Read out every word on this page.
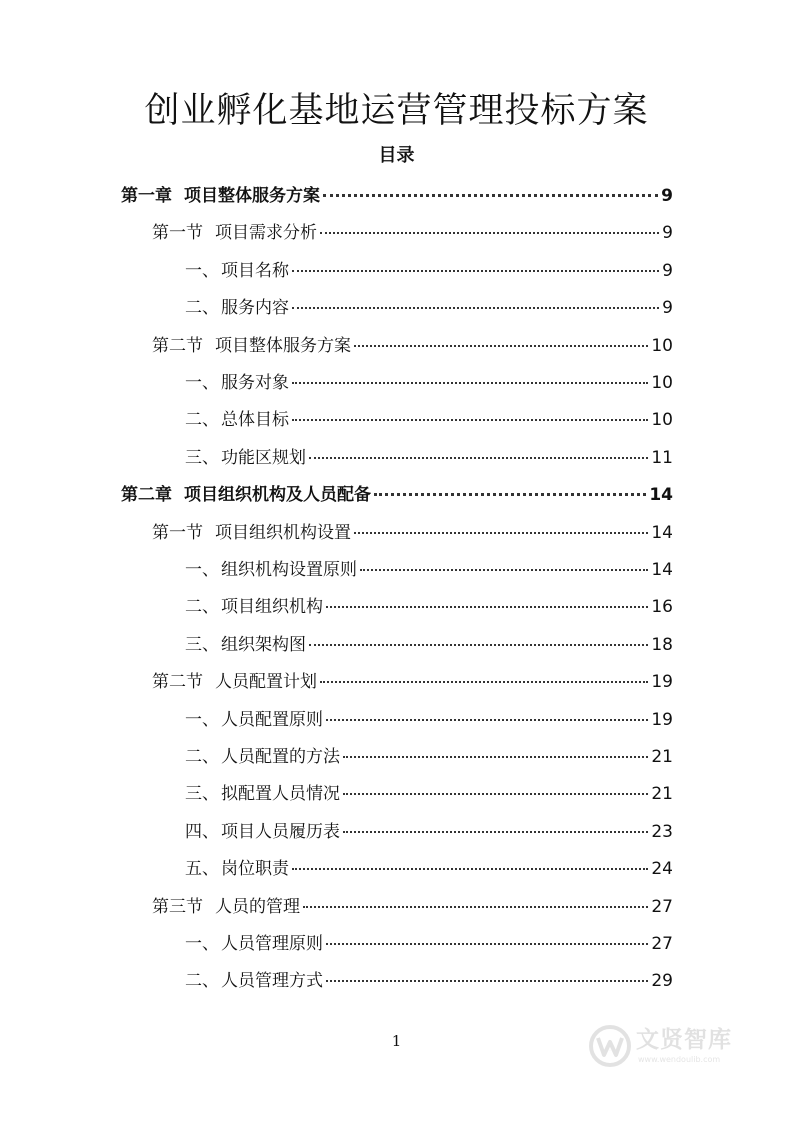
创业孵化基地运营管理投标方案
目录
第一章 项目整体服务方案	9
第一节 项目需求分析	9
一、 项目名称	9
二、 服务内容	9
第二节 项目整体服务方案	10
一、 服务对象	10
二、 总体目标	10
三、 功能区规划	11
第二章 项目组织机构及人员配备	14
第一节 项目组织机构设置	14
一、 组织机构设置原则	14
二、 项目组织机构	16
三、 组织架构图	18
第二节 人员配置计划	19
一、 人员配置原则	19
二、 人员配置的方法	21
三、 拟配置人员情况	21
四、 项目人员履历表	23
五、 岗位职责	24
第三节 人员的管理	27
一、 人员管理原则	27
二、 人员管理方式	29
1
W 文贤智库
www.wendoulib.com
